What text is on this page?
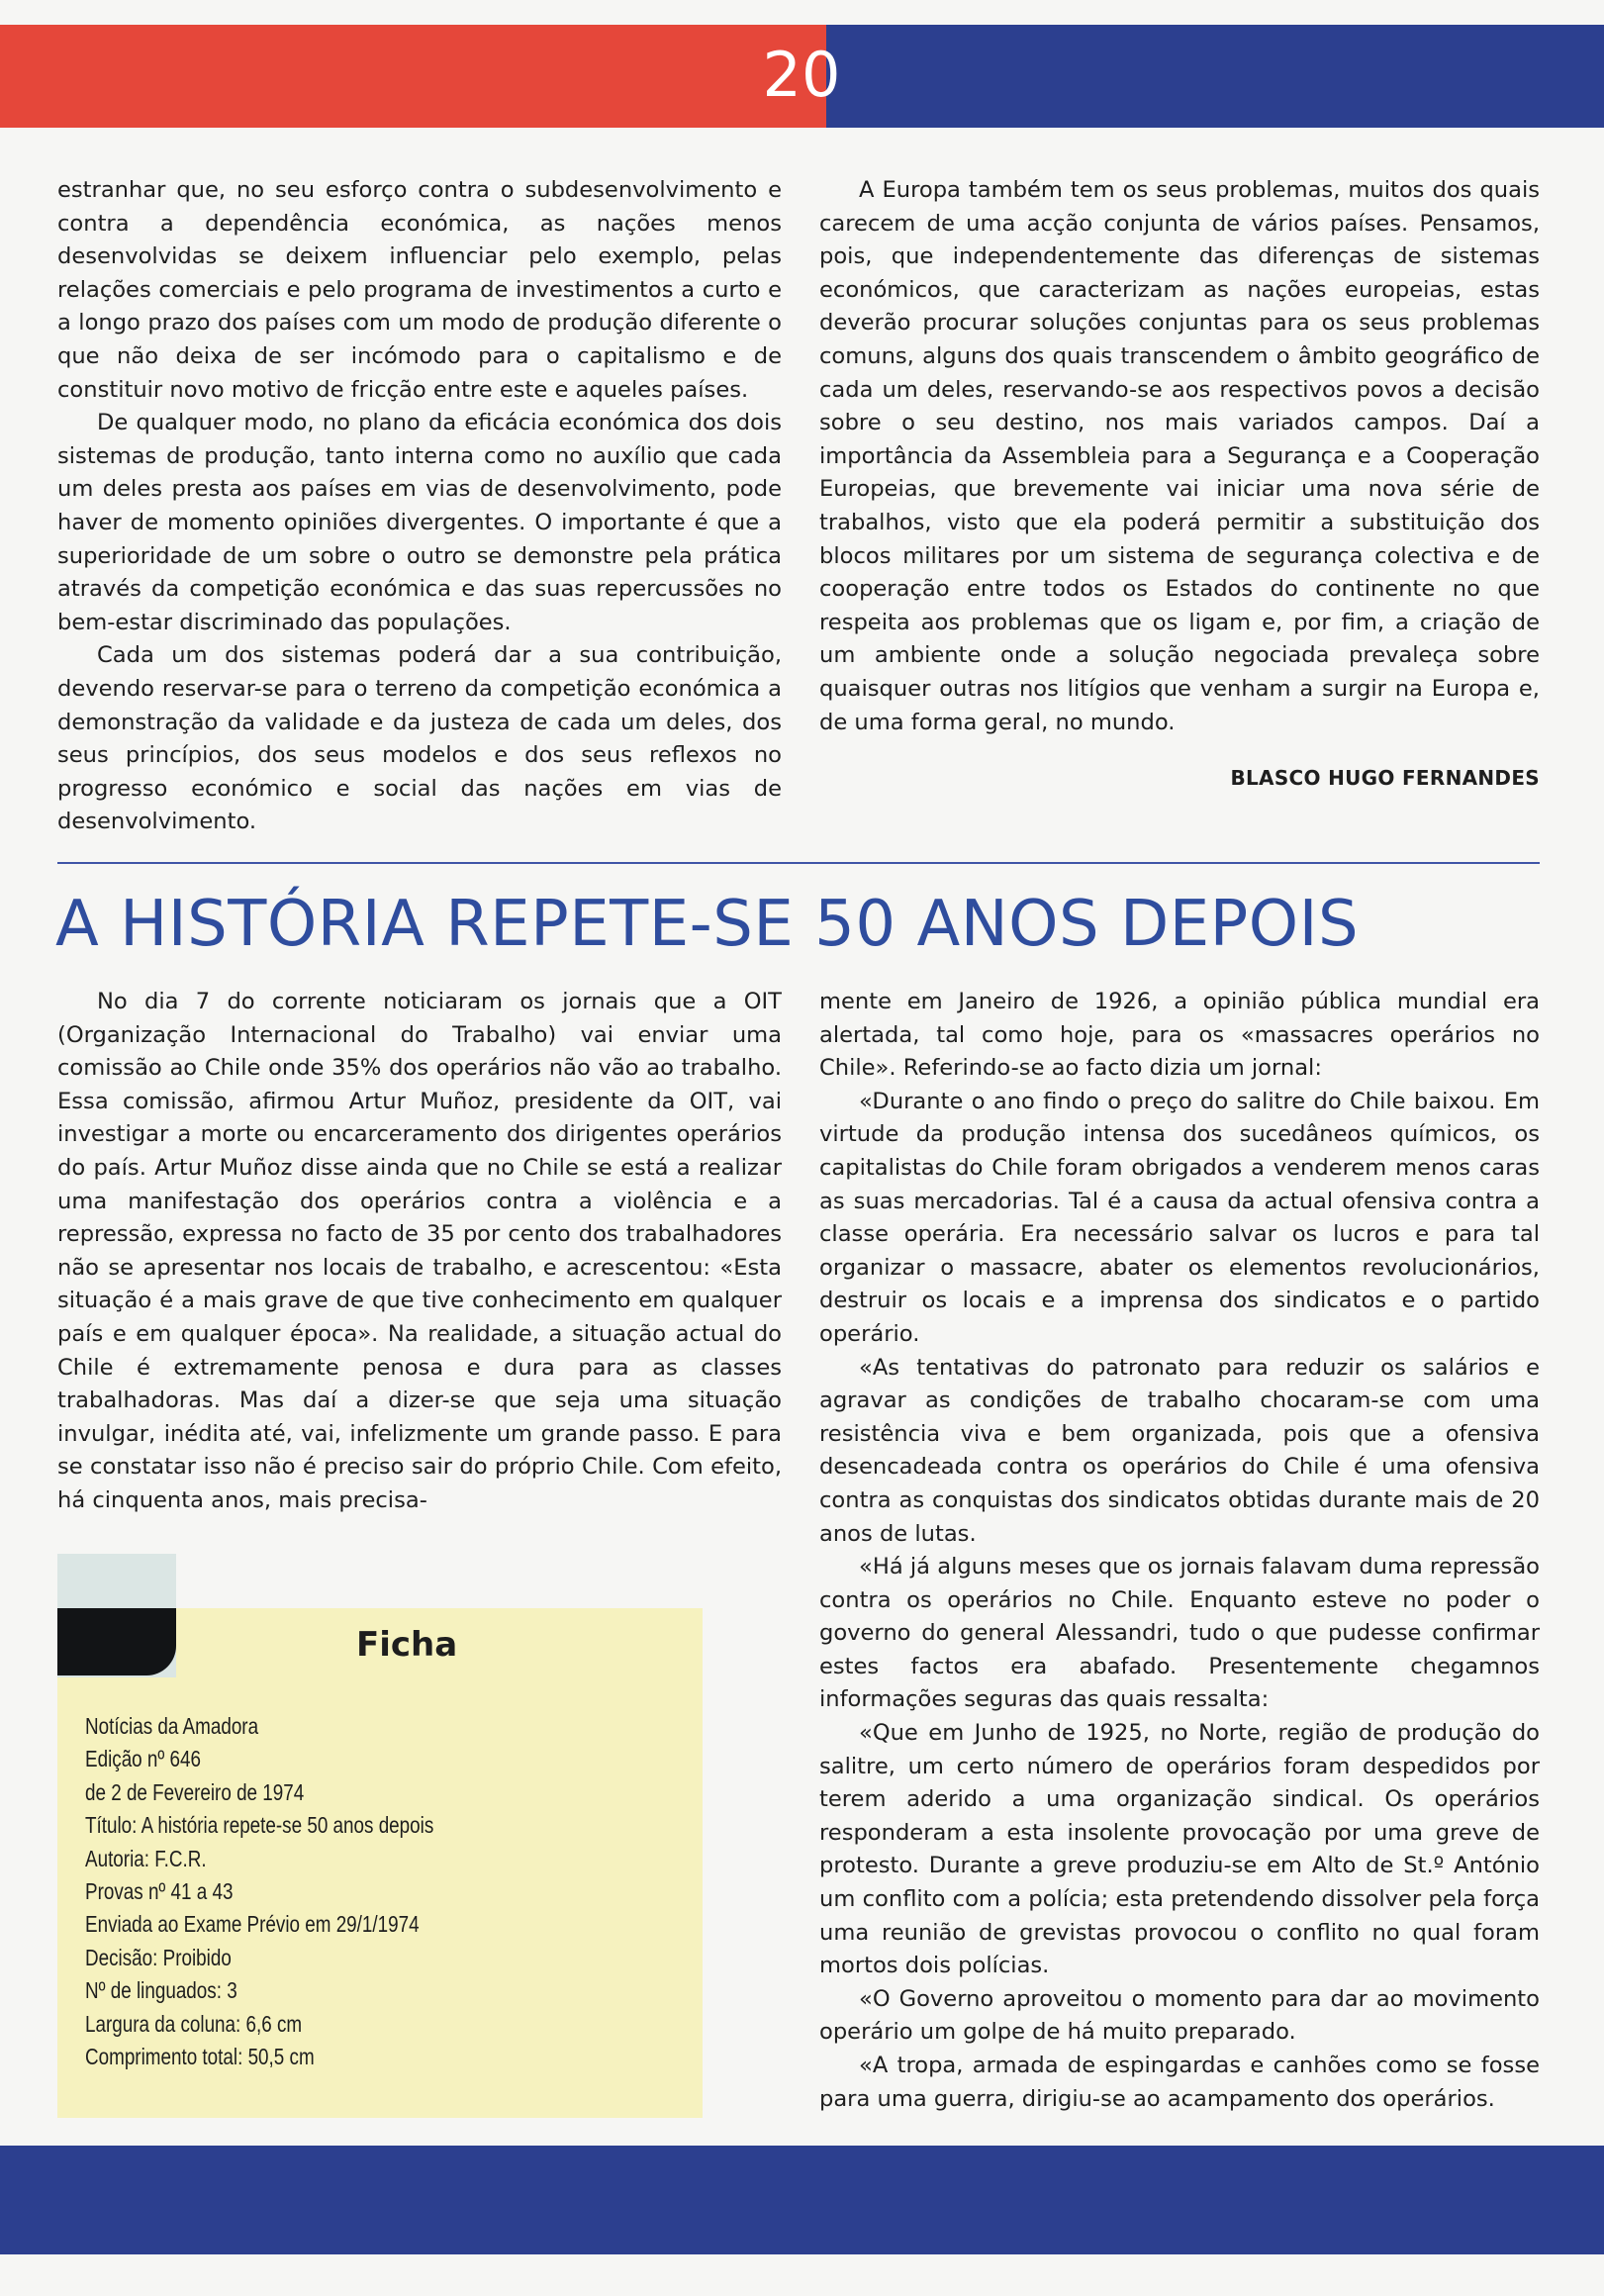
20

estranhar que, no seu esforço contra o subdesenvolvimento e contra a dependência económica, as nações menos desenvolvidas se deixem influenciar pelo exemplo, pelas relações comerciais e pelo programa de investimentos a curto e a longo prazo dos países com um modo de produção diferente o que não deixa de ser incómodo para o capitalismo e de constituir novo motivo de fricção entre este e aqueles países.

De qualquer modo, no plano da eficácia económica dos dois sistemas de produção, tanto interna como no auxílio que cada um deles presta aos países em vias de desenvolvimento, pode haver de momento opiniões divergentes. O importante é que a superioridade de um sobre o outro se demonstre pela prática através da competição económica e das suas repercussões no bem-estar discriminado das populações.

Cada um dos sistemas poderá dar a sua contribuição, devendo reservar-se para o terreno da competição económica a demonstração da validade e da justeza de cada um deles, dos seus princípios, dos seus modelos e dos seus reflexos no progresso económico e social das nações em vias de desenvolvimento.

A Europa também tem os seus problemas, muitos dos quais carecem de uma acção conjunta de vários países. Pensamos, pois, que independentemente das diferenças de sistemas económicos, que caracterizam as nações europeias, estas deverão procurar soluções conjuntas para os seus problemas comuns, alguns dos quais transcendem o âmbito geográfico de cada um deles, reservando-se aos respectivos povos a decisão sobre o seu destino, nos mais variados campos. Daí a importância da Assembleia para a Segurança e a Cooperação Europeias, que brevemente vai iniciar uma nova série de trabalhos, visto que ela poderá permitir a substituição dos blocos militares por um sistema de segurança colectiva e de cooperação entre todos os Estados do continente no que respeita aos problemas que os ligam e, por fim, a criação de um ambiente onde a solução negociada prevaleça sobre quaisquer outras nos litígios que venham a surgir na Europa e, de uma forma geral, no mundo.

BLASCO HUGO FERNANDES
A HISTÓRIA REPETE-SE 50 ANOS DEPOIS

No dia 7 do corrente noticiaram os jornais que a OIT (Organização Internacional do Trabalho) vai enviar uma comissão ao Chile onde 35% dos operários não vão ao trabalho. Essa comissão, afirmou Artur Muñoz, presidente da OIT, vai investigar a morte ou encarceramento dos dirigentes operários do país. Artur Muñoz disse ainda que no Chile se está a realizar uma manifestação dos operários contra a violência e a repressão, expressa no facto de 35 por cento dos trabalhadores não se apresentar nos locais de trabalho, e acrescentou: «Esta situação é a mais grave de que tive conhecimento em qualquer país e em qualquer época». Na realidade, a situação actual do Chile é extremamente penosa e dura para as classes trabalhadoras. Mas daí a dizer-se que seja uma situação invulgar, inédita até, vai, infelizmente um grande passo. E para se constatar isso não é preciso sair do próprio Chile. Com efeito, há cinquenta anos, mais precisa-

mente em Janeiro de 1926, a opinião pública mundial era alertada, tal como hoje, para os «massacres operários no Chile». Referindo-se ao facto dizia um jornal:

«Durante o ano findo o preço do salitre do Chile baixou. Em virtude da produção intensa dos sucedâneos químicos, os capitalistas do Chile foram obrigados a venderem menos caras as suas mercadorias. Tal é a causa da actual ofensiva contra a classe operária. Era necessário salvar os lucros e para tal organizar o massacre, abater os elementos revolucionários, destruir os locais e a imprensa dos sindicatos e o partido operário.

«As tentativas do patronato para reduzir os salários e agravar as condições de trabalho chocaram-se com uma resistência viva e bem organizada, pois que a ofensiva desencadeada contra os operários do Chile é uma ofensiva contra as conquistas dos sindicatos obtidas durante mais de 20 anos de lutas.

«Há já alguns meses que os jornais falavam duma repressão contra os operários no Chile. Enquanto esteve no poder o governo do general Alessandri, tudo o que pudesse confirmar estes factos era abafado. Presentemente chegamnos informações seguras das quais ressalta:

«Que em Junho de 1925, no Norte, região de produção do salitre, um certo número de operários foram despedidos por terem aderido a uma organização sindical. Os operários responderam a esta insolente provocação por uma greve de protesto. Durante a greve produziu-se em Alto de St.º António um conflito com a polícia; esta pretendendo dissolver pela força uma reunião de grevistas provocou o conflito no qual foram mortos dois polícias.

«O Governo aproveitou o momento para dar ao movimento operário um golpe de há muito preparado.

«A tropa, armada de espingardas e canhões como se fosse para uma guerra, dirigiu-se ao acampamento dos operários.

Ficha
Notícias da Amadora
Edição nº 646
de 2 de Fevereiro de 1974
Título: A história repete-se 50 anos depois
Autoria: F.C.R.
Provas nº 41 a 43
Enviada ao Exame Prévio em 29/1/1974
Decisão: Proibido
Nº de linguados: 3
Largura da coluna: 6,6 cm
Comprimento total: 50,5 cm
